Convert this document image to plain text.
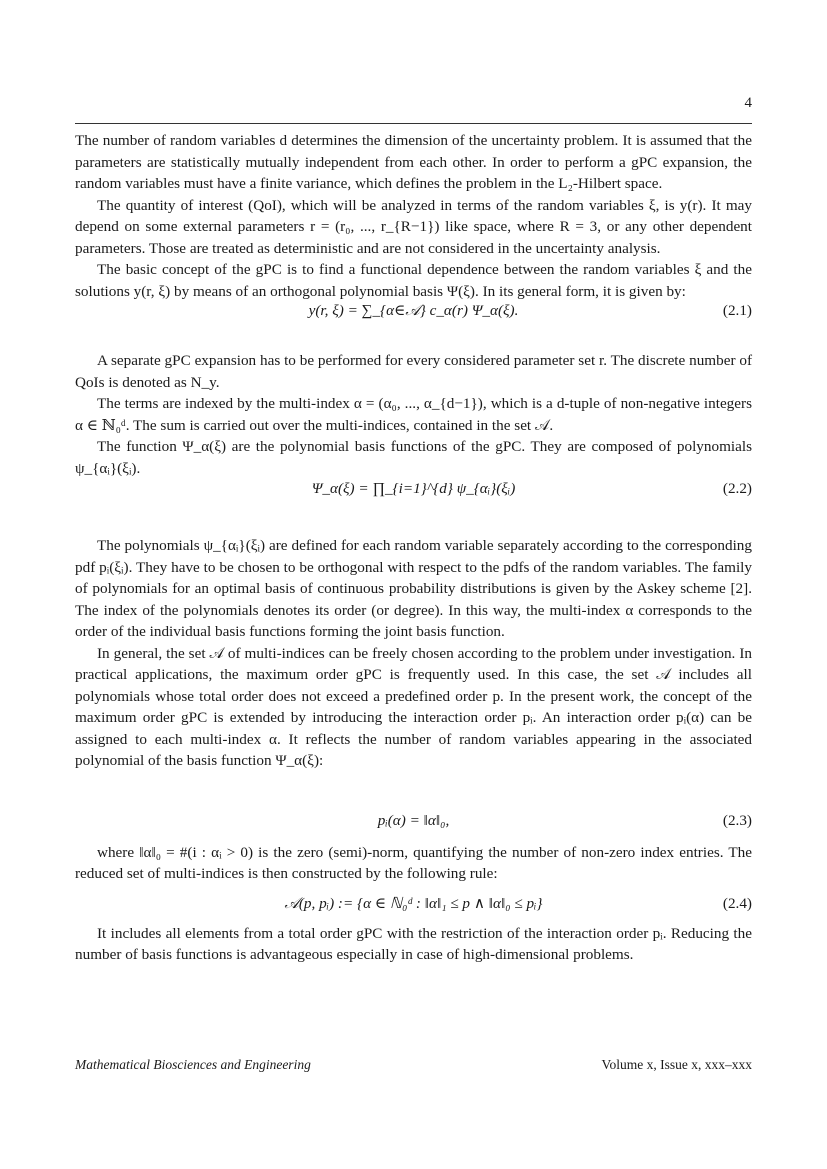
4

The number of random variables d determines the dimension of the uncertainty problem. It is assumed that the parameters are statistically mutually independent from each other. In order to perform a gPC expansion, the random variables must have a finite variance, which defines the problem in the L₂-Hilbert space.

The quantity of interest (QoI), which will be analyzed in terms of the random variables ξ, is y(r). It may depend on some external parameters r = (r₀, ..., r_{R−1}) like space, where R = 3, or any other dependent parameters. Those are treated as deterministic and are not considered in the uncertainty analysis.

The basic concept of the gPC is to find a functional dependence between the random variables ξ and the solutions y(r, ξ) by means of an orthogonal polynomial basis Ψ(ξ). In its general form, it is given by:

y(r, ξ) = ∑_{α∈𝒜} c_α(r) Ψ_α(ξ).	(2.1)

A separate gPC expansion has to be performed for every considered parameter set r. The discrete number of QoIs is denoted as N_y.

The terms are indexed by the multi-index α = (α₀, ..., α_{d−1}), which is a d-tuple of non-negative integers α ∈ ℕ₀ᵈ. The sum is carried out over the multi-indices, contained in the set 𝒜.

The function Ψ_α(ξ) are the polynomial basis functions of the gPC. They are composed of polynomials ψ_{αᵢ}(ξᵢ).

Ψ_α(ξ) = ∏_{i=1}^{d} ψ_{αᵢ}(ξᵢ)	(2.2)

The polynomials ψ_{αᵢ}(ξᵢ) are defined for each random variable separately according to the corresponding pdf pᵢ(ξᵢ). They have to be chosen to be orthogonal with respect to the pdfs of the random variables. The family of polynomials for an optimal basis of continuous probability distributions is given by the Askey scheme [2]. The index of the polynomials denotes its order (or degree). In this way, the multi-index α corresponds to the order of the individual basis functions forming the joint basis function.

In general, the set 𝒜 of multi-indices can be freely chosen according to the problem under investigation. In practical applications, the maximum order gPC is frequently used. In this case, the set 𝒜 includes all polynomials whose total order does not exceed a predefined order p. In the present work, the concept of the maximum order gPC is extended by introducing the interaction order pᵢ. An interaction order pᵢ(α) can be assigned to each multi-index α. It reflects the number of random variables appearing in the associated polynomial of the basis function Ψ_α(ξ):

pᵢ(α) = ‖α‖₀,	(2.3)

where ‖α‖₀ = #(i : αᵢ > 0) is the zero (semi)-norm, quantifying the number of non-zero index entries. The reduced set of multi-indices is then constructed by the following rule:

𝒜(p, pᵢ) := {α ∈ ℕ₀ᵈ : ‖α‖₁ ≤ p ∧ ‖α‖₀ ≤ pᵢ}	(2.4)

It includes all elements from a total order gPC with the restriction of the interaction order pᵢ. Reducing the number of basis functions is advantageous especially in case of high-dimensional problems.

Mathematical Biosciences and Engineering	Volume x, Issue x, xxx–xxx
